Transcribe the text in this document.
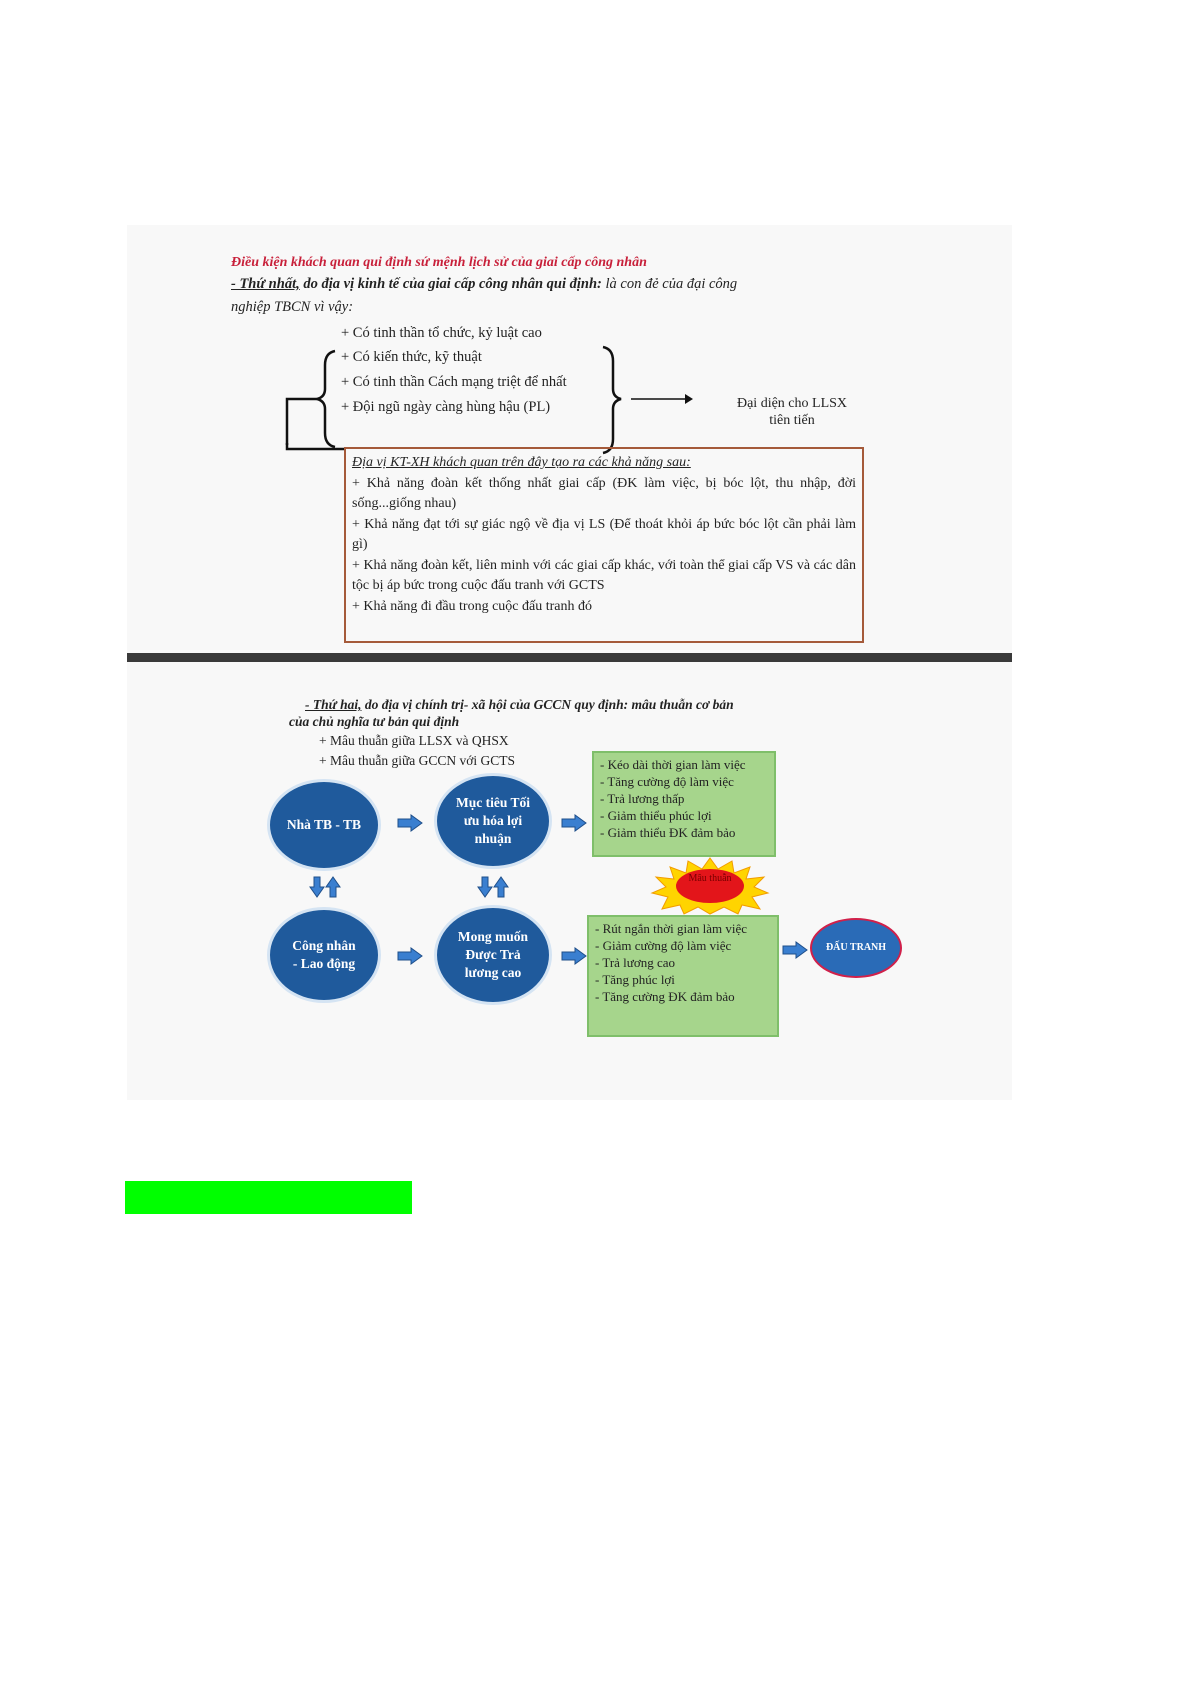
Điều kiện khách quan qui định sứ mệnh lịch sử của giai cấp công nhân
- Thứ nhất, do địa vị kinh tế của giai cấp công nhân qui định: là con đẻ của đại công
nghiệp TBCN vì vậy:
+ Có tinh thần tổ chức, kỷ luật cao
+ Có kiến thức, kỹ thuật
+ Có tinh thần Cách mạng triệt để nhất
+ Đội ngũ ngày càng hùng hậu (PL)	Đại diện cho LLSX
tiên tiến

Địa vị KT-XH khách quan trên đây tạo ra các khả năng sau:

+ Khả năng đoàn kết thống nhất giai cấp (ĐK làm việc, bị bóc lột, thu nhập, đời sống...giống nhau)

+ Khả năng đạt tới sự giác ngộ về địa vị LS (Để thoát khỏi áp bức bóc lột cần phải làm gì)

+ Khả năng đoàn kết, liên minh với các giai cấp khác, với toàn thể giai cấp VS và các dân tộc bị áp bức trong cuộc đấu tranh với GCTS

+ Khả năng đi đầu trong cuộc đấu tranh đó

- Thứ hai, do địa vị chính trị- xã hội của GCCN quy định: mâu thuẫn cơ bản
của chủ nghĩa tư bản qui định
+ Mâu thuẫn giữa LLSX và QHSX
+ Mâu thuẫn giữa GCCN với GCTS
Nhà TB - TB
Mục tiêu Tối ưu hóa lợi nhuận
Công nhân - Lao động
Mong muốn Được Trả lương cao
ĐẤU TRANH

- Kéo dài thời gian làm việc

- Tăng cường độ làm việc

- Trả lương thấp

- Giảm thiểu phúc lợi

- Giảm thiểu ĐK đảm bảo

- Rút ngắn thời gian làm việc

- Giảm cường độ làm việc

- Trả lương cao

- Tăng phúc lợi

- Tăng cường ĐK đảm bảo

Mâu thuẫn
